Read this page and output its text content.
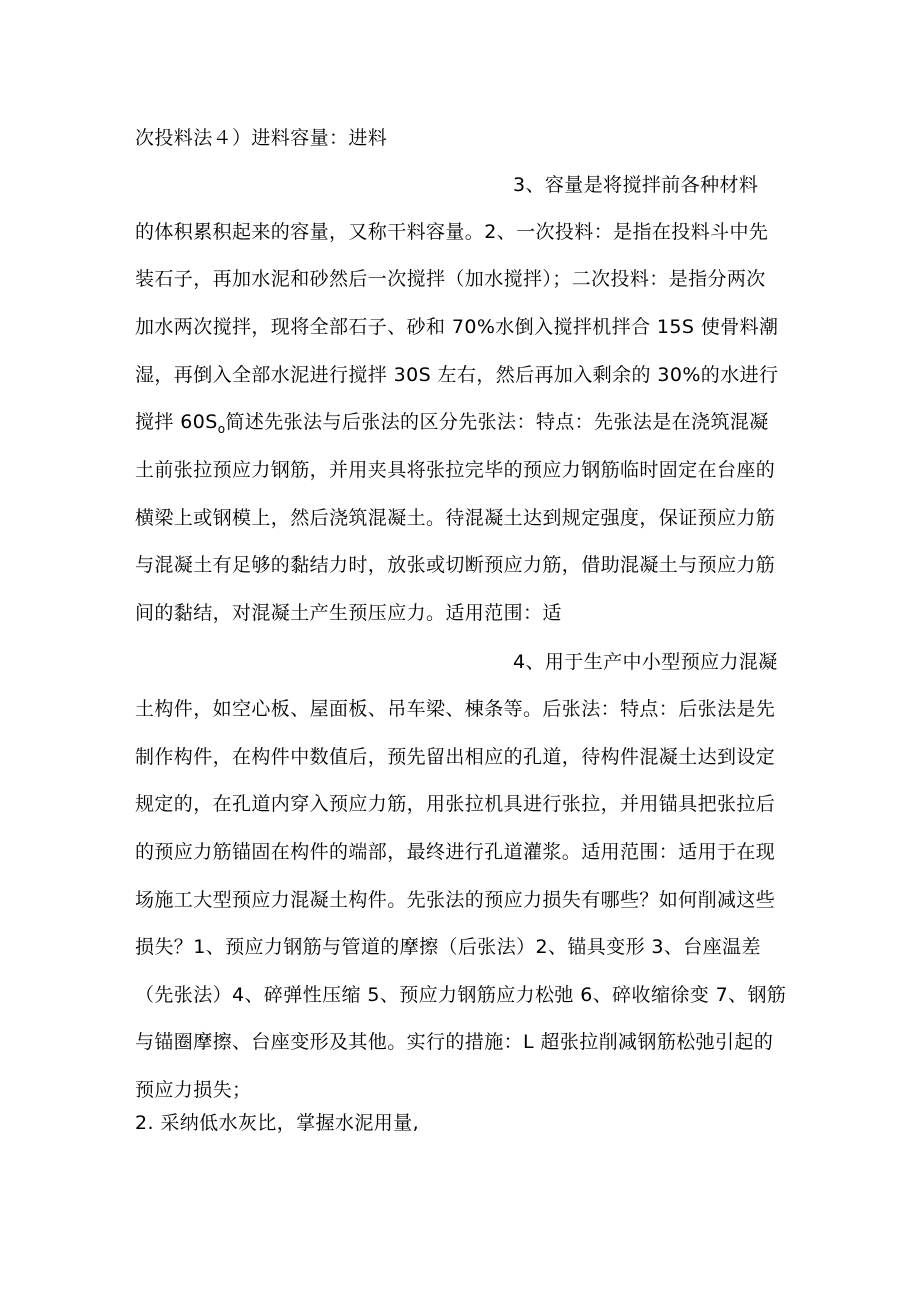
次投料法４）进料容量：进料
3、容量是将搅拌前各种材料
的体积累积起来的容量，又称干料容量。2、一次投料：是指在投料斗中先
装石子，再加水泥和砂然后一次搅拌（加水搅拌）；二次投料：是指分两次
加水两次搅拌，现将全部石子、砂和 70%水倒入搅拌机拌合 15S 使骨料潮
湿，再倒入全部水泥进行搅拌 30S 左右，然后再加入剩余的 30%的水进行
搅拌 $60S_o$简述先张法与后张法的区分先张法：特点：先张法是在浇筑混凝
土前张拉预应力钢筋，并用夹具将张拉完毕的预应力钢筋临时固定在台座的
横梁上或钢模上，然后浇筑混凝土。待混凝土达到规定强度，保证预应力筋
与混凝土有足够的黏结力时，放张或切断预应力筋，借助混凝土与预应力筋
间的黏结，对混凝土产生预压应力。适用范围：适
4、用于生产中小型预应力混凝
土构件，如空心板、屋面板、吊车梁、棟条等。后张法：特点：后张法是先
制作构件，在构件中数值后，预先留出相应的孔道，待构件混凝土达到设定
规定的，在孔道内穿入预应力筋，用张拉机具进行张拉，并用锚具把张拉后
的预应力筋锚固在构件的端部，最终进行孔道灌浆。适用范围：适用于在现
场施工大型预应力混凝土构件。先张法的预应力损失有哪些？如何削减这些
损失？1、预应力钢筋与管道的摩擦（后张法）2、锚具变形 3、台座温差
（先张法）4、碎弹性压缩 5、预应力钢筋应力松弛 6、碎收缩徐变 7、钢筋
与锚圈摩擦、台座变形及其他。实行的措施：L 超张拉削减钢筋松弛引起的
预应力损失；
2. 采纳低水灰比，掌握水泥用量,
